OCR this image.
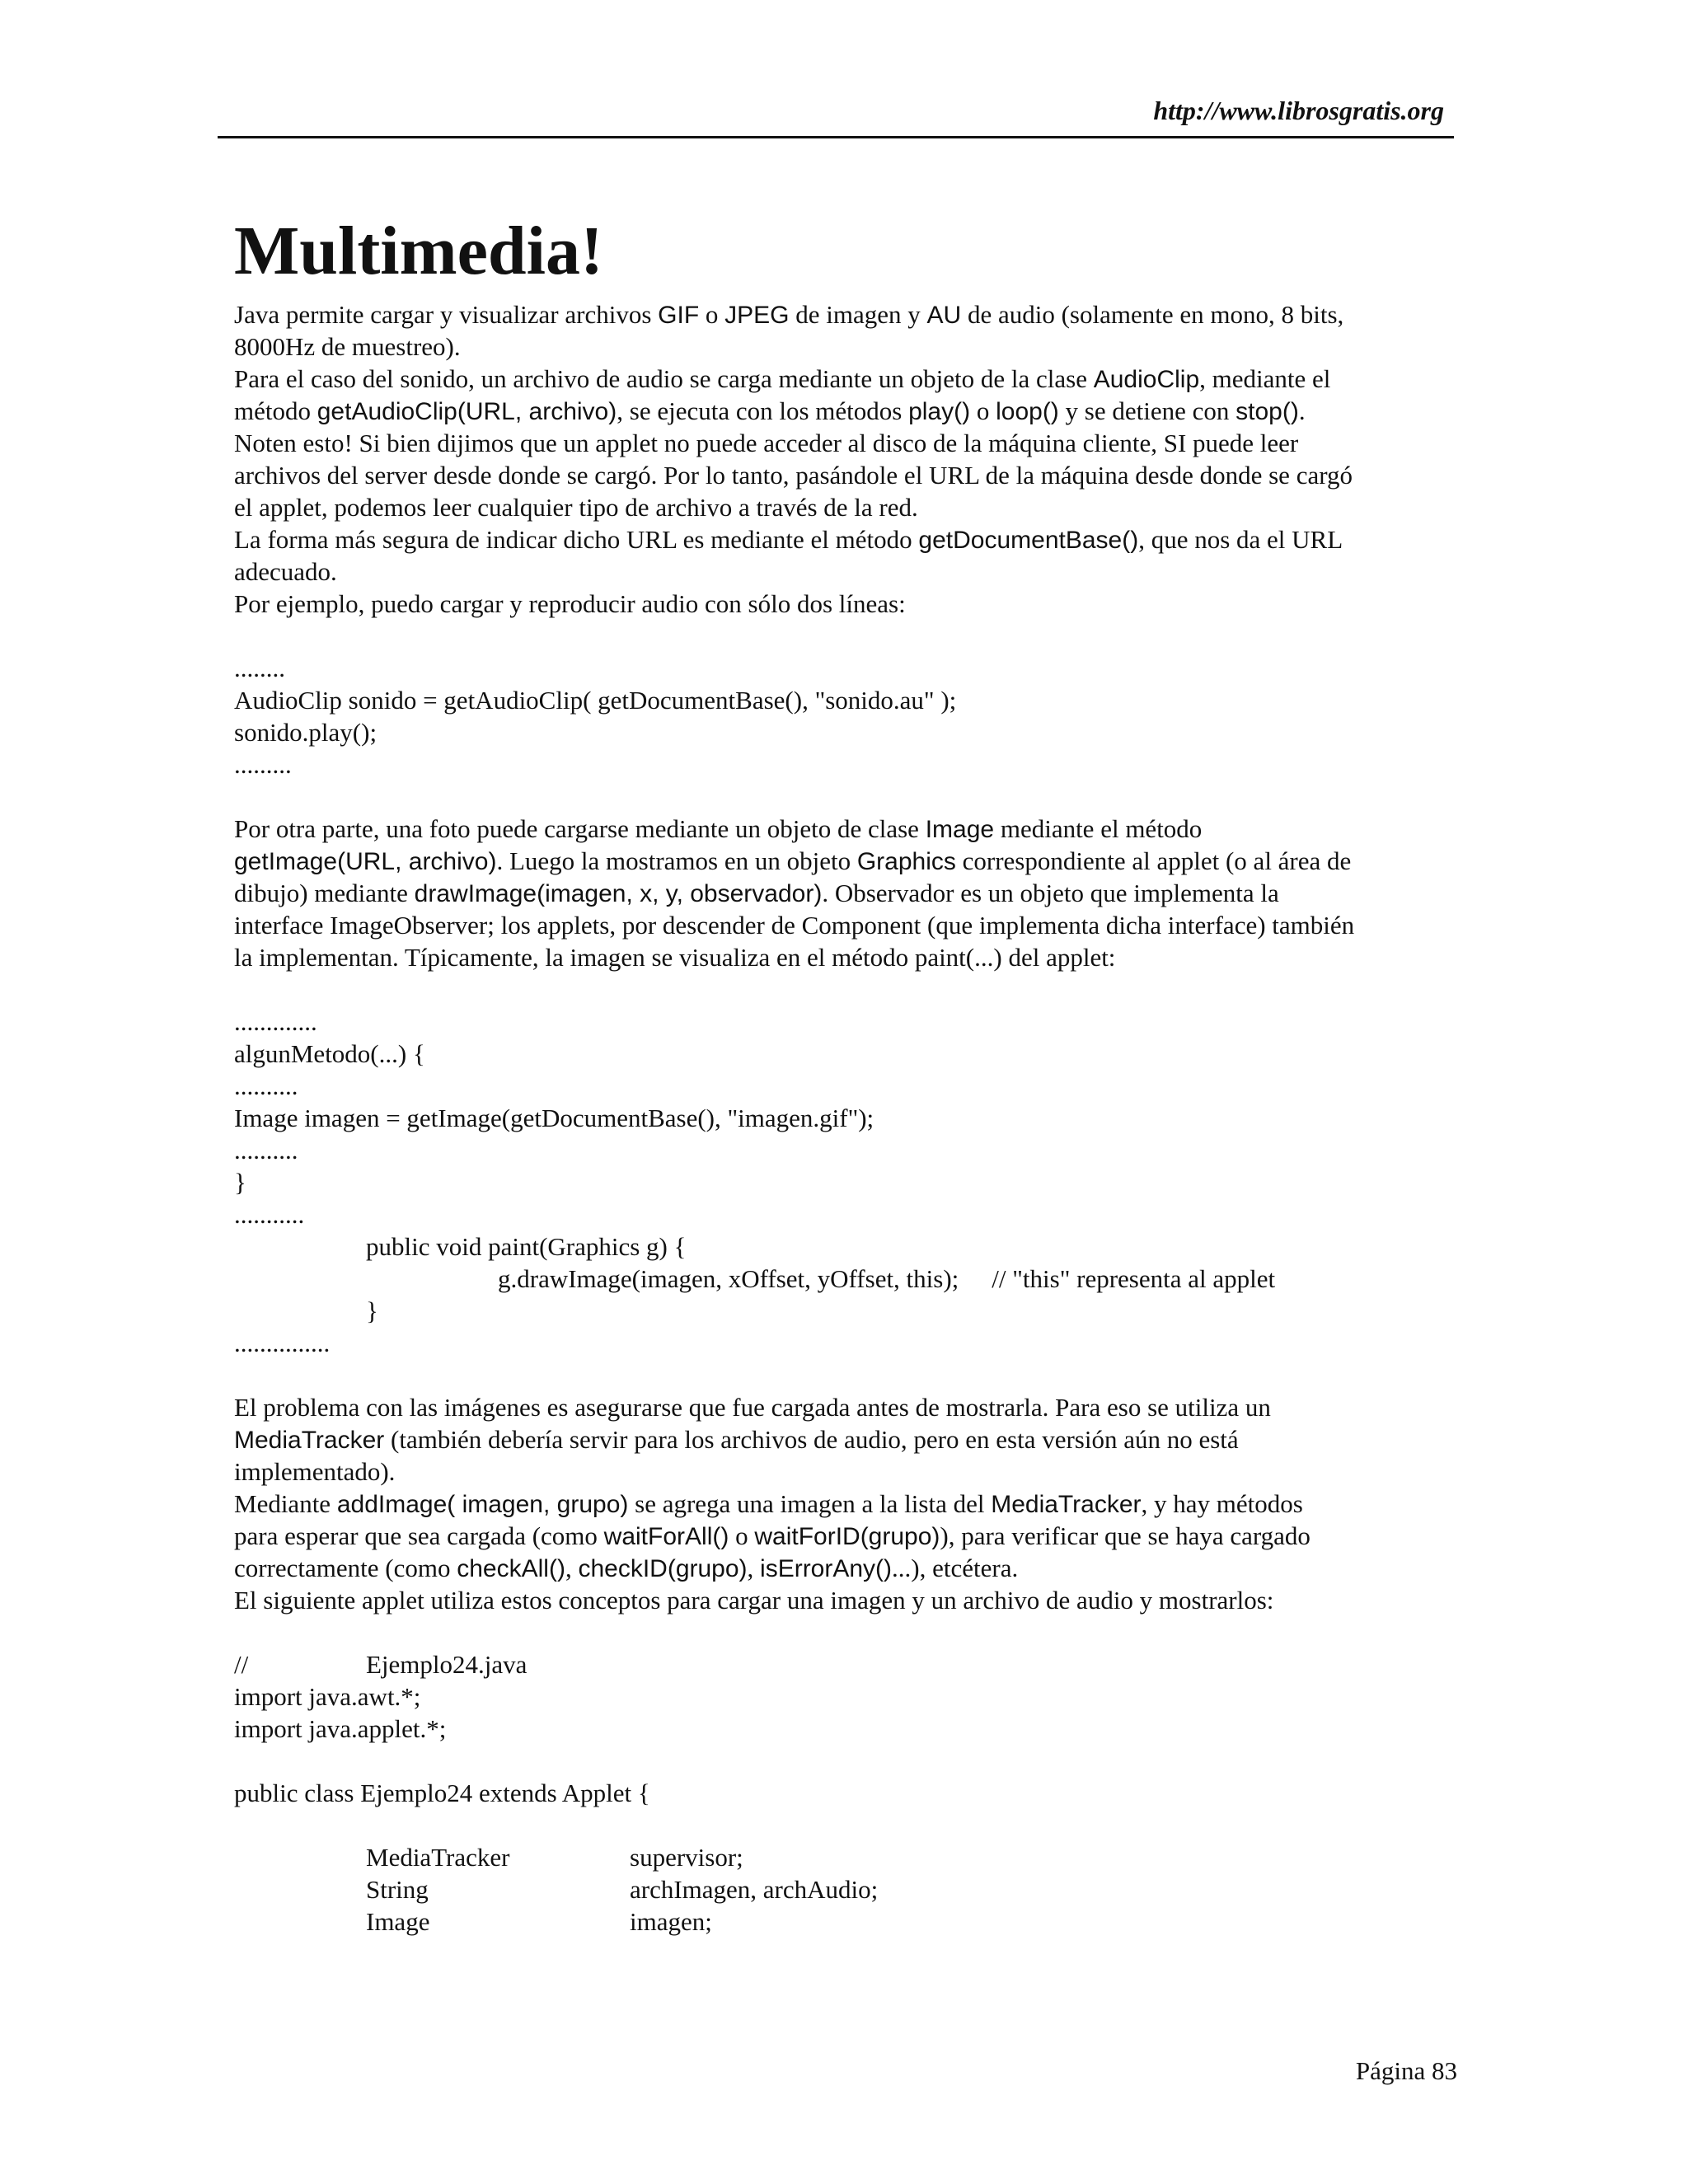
http://www.librosgratis.org
Multimedia!
Java permite cargar y visualizar archivos GIF o JPEG de imagen y AU de audio (solamente en mono, 8 bits,
8000Hz de muestreo).
Para el caso del sonido, un archivo de audio se carga mediante un objeto de la clase AudioClip, mediante el
método getAudioClip(URL, archivo), se ejecuta con los métodos play() o loop() y se detiene con stop().
Noten esto! Si bien dijimos que un applet no puede acceder al disco de la máquina cliente, SI puede leer
archivos del server desde donde se cargó. Por lo tanto, pasándole el URL de la máquina desde donde se cargó
el applet, podemos leer cualquier tipo de archivo a través de la red.
La forma más segura de indicar dicho URL es mediante el método getDocumentBase(), que nos da el URL
adecuado.
Por ejemplo, puedo cargar y reproducir audio con sólo dos líneas:
........
AudioClip sonido = getAudioClip( getDocumentBase(), "sonido.au" );
sonido.play();
.........
Por otra parte, una foto puede cargarse mediante un objeto de clase Image mediante el método
getImage(URL, archivo). Luego la mostramos en un objeto Graphics correspondiente al applet (o al área de
dibujo) mediante drawImage(imagen, x, y, observador). Observador es un objeto que implementa la
interface ImageObserver; los applets, por descender de Component (que implementa dicha interface) también
la implementan. Típicamente, la imagen se visualiza en el método paint(...) del applet:
.............
algunMetodo(...) {
..........
Image imagen = getImage(getDocumentBase(), "imagen.gif");
..........
}
...........
public void paint(Graphics g) {
g.drawImage(imagen, xOffset, yOffset, this); // "this" representa al applet
}
...............
El problema con las imágenes es asegurarse que fue cargada antes de mostrarla. Para eso se utiliza un
MediaTracker (también debería servir para los archivos de audio, pero en esta versión aún no está
implementado).
Mediante addImage( imagen, grupo) se agrega una imagen a la lista del MediaTracker, y hay métodos
para esperar que sea cargada (como waitForAll() o waitForID(grupo)), para verificar que se haya cargado
correctamente (como checkAll(), checkID(grupo), isErrorAny()...), etcétera.
El siguiente applet utiliza estos conceptos para cargar una imagen y un archivo de audio y mostrarlos:
//	Ejemplo24.java
import java.awt.*;
import java.applet.*;
public class Ejemplo24 extends Applet {
MediaTracker	supervisor;
String	archImagen, archAudio;
Image	imagen;
Página 83
